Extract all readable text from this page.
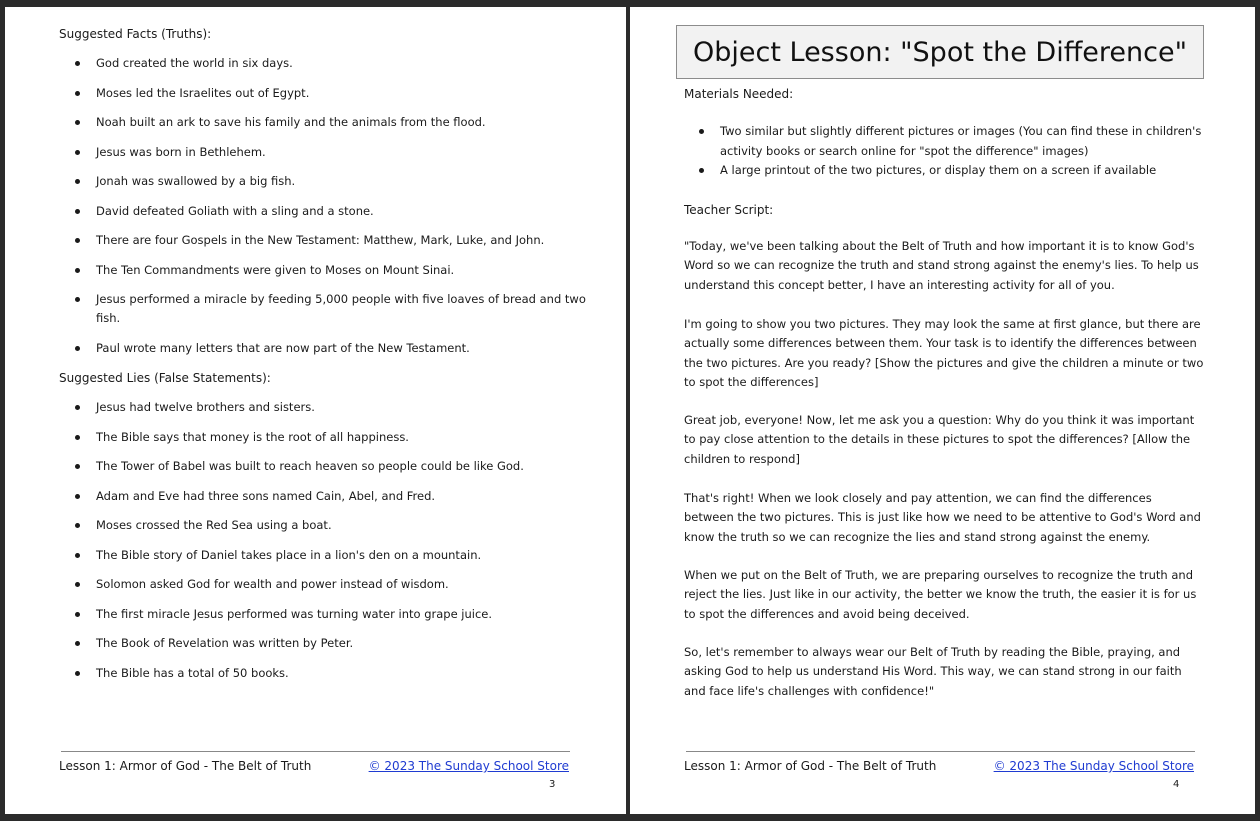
Suggested Facts (Truths):
God created the world in six days.
Moses led the Israelites out of Egypt.
Noah built an ark to save his family and the animals from the flood.
Jesus was born in Bethlehem.
Jonah was swallowed by a big fish.
David defeated Goliath with a sling and a stone.
There are four Gospels in the New Testament: Matthew, Mark, Luke, and John.
The Ten Commandments were given to Moses on Mount Sinai.
Jesus performed a miracle by feeding 5,000 people with five loaves of bread and two fish.
Paul wrote many letters that are now part of the New Testament.
Suggested Lies (False Statements):
Jesus had twelve brothers and sisters.
The Bible says that money is the root of all happiness.
The Tower of Babel was built to reach heaven so people could be like God.
Adam and Eve had three sons named Cain, Abel, and Fred.
Moses crossed the Red Sea using a boat.
The Bible story of Daniel takes place in a lion's den on a mountain.
Solomon asked God for wealth and power instead of wisdom.
The first miracle Jesus performed was turning water into grape juice.
The Book of Revelation was written by Peter.
The Bible has a total of 50 books.
Lesson 1: Armor of God - The Belt of Truth	© 2023 The Sunday School Store
3
Object Lesson: "Spot the Difference"
Materials Needed:
Two similar but slightly different pictures or images (You can find these in children's activity books or search online for "spot the difference" images)
A large printout of the two pictures, or display them on a screen if available
Teacher Script:

"Today, we've been talking about the Belt of Truth and how important it is to know God's Word so we can recognize the truth and stand strong against the enemy's lies. To help us understand this concept better, I have an interesting activity for all of you.

I'm going to show you two pictures. They may look the same at first glance, but there are actually some differences between them. Your task is to identify the differences between the two pictures. Are you ready? [Show the pictures and give the children a minute or two to spot the differences]

Great job, everyone! Now, let me ask you a question: Why do you think it was important to pay close attention to the details in these pictures to spot the differences? [Allow the children to respond]

That's right! When we look closely and pay attention, we can find the differences between the two pictures. This is just like how we need to be attentive to God's Word and know the truth so we can recognize the lies and stand strong against the enemy.

When we put on the Belt of Truth, we are preparing ourselves to recognize the truth and reject the lies. Just like in our activity, the better we know the truth, the easier it is for us to spot the differences and avoid being deceived.

So, let's remember to always wear our Belt of Truth by reading the Bible, praying, and asking God to help us understand His Word. This way, we can stand strong in our faith and face life's challenges with confidence!"

Lesson 1: Armor of God - The Belt of Truth	© 2023 The Sunday School Store
4
